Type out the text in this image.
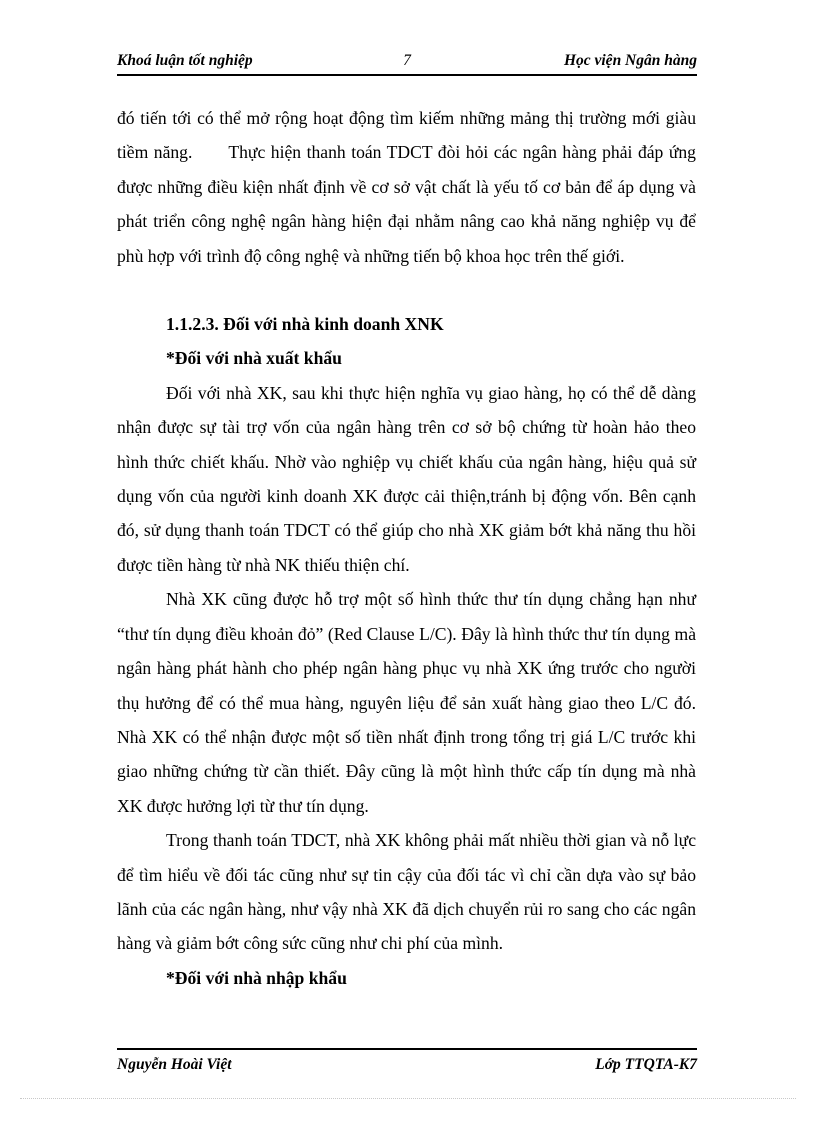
Khoá luận tốt nghiệp	7	Học viện Ngân hàng

đó tiến tới có thể mở rộng hoạt động tìm kiếm những mảng thị trường mới giàu tiềm năng. Thực hiện thanh toán TDCT đòi hỏi các ngân hàng phải đáp ứng được những điều kiện nhất định về cơ sở vật chất là yếu tố cơ bản để áp dụng và phát triển công nghệ ngân hàng hiện đại nhằm nâng cao khả năng nghiệp vụ để phù hợp với trình độ công nghệ và những tiến bộ khoa học trên thế giới.

1.1.2.3. Đối với nhà kinh doanh XNK

*Đối với nhà xuất khẩu

Đối với nhà XK, sau khi thực hiện nghĩa vụ giao hàng, họ có thể dễ dàng nhận được sự tài trợ vốn của ngân hàng trên cơ sở bộ chứng từ hoàn hảo theo hình thức chiết khấu. Nhờ vào nghiệp vụ chiết khấu của ngân hàng, hiệu quả sử dụng vốn của người kinh doanh XK được cải thiện,tránh bị động vốn. Bên cạnh đó, sử dụng thanh toán TDCT có thể giúp cho nhà XK giảm bớt khả năng thu hồi được tiền hàng từ nhà NK thiếu thiện chí.

Nhà XK cũng được hỗ trợ một số hình thức thư tín dụng chẳng hạn như “thư tín dụng điều khoản đỏ” (Red Clause L/C). Đây là hình thức thư tín dụng mà ngân hàng phát hành cho phép ngân hàng phục vụ nhà XK ứng trước cho người thụ hưởng để có thể mua hàng, nguyên liệu để sản xuất hàng giao theo L/C đó. Nhà XK có thể nhận được một số tiền nhất định trong tổng trị giá L/C trước khi giao những chứng từ cần thiết. Đây cũng là một hình thức cấp tín dụng mà nhà XK được hưởng lợi từ thư tín dụng.

Trong thanh toán TDCT, nhà XK không phải mất nhiều thời gian và nỗ lực để tìm hiểu về đối tác cũng như sự tin cậy của đối tác vì chỉ cần dựa vào sự bảo lãnh của các ngân hàng, như vậy nhà XK đã dịch chuyển rủi ro sang cho các ngân hàng và giảm bớt công sức cũng như chi phí của mình.

*Đối với nhà nhập khẩu

Nguyễn Hoài Việt	Lớp TTQTA-K7
